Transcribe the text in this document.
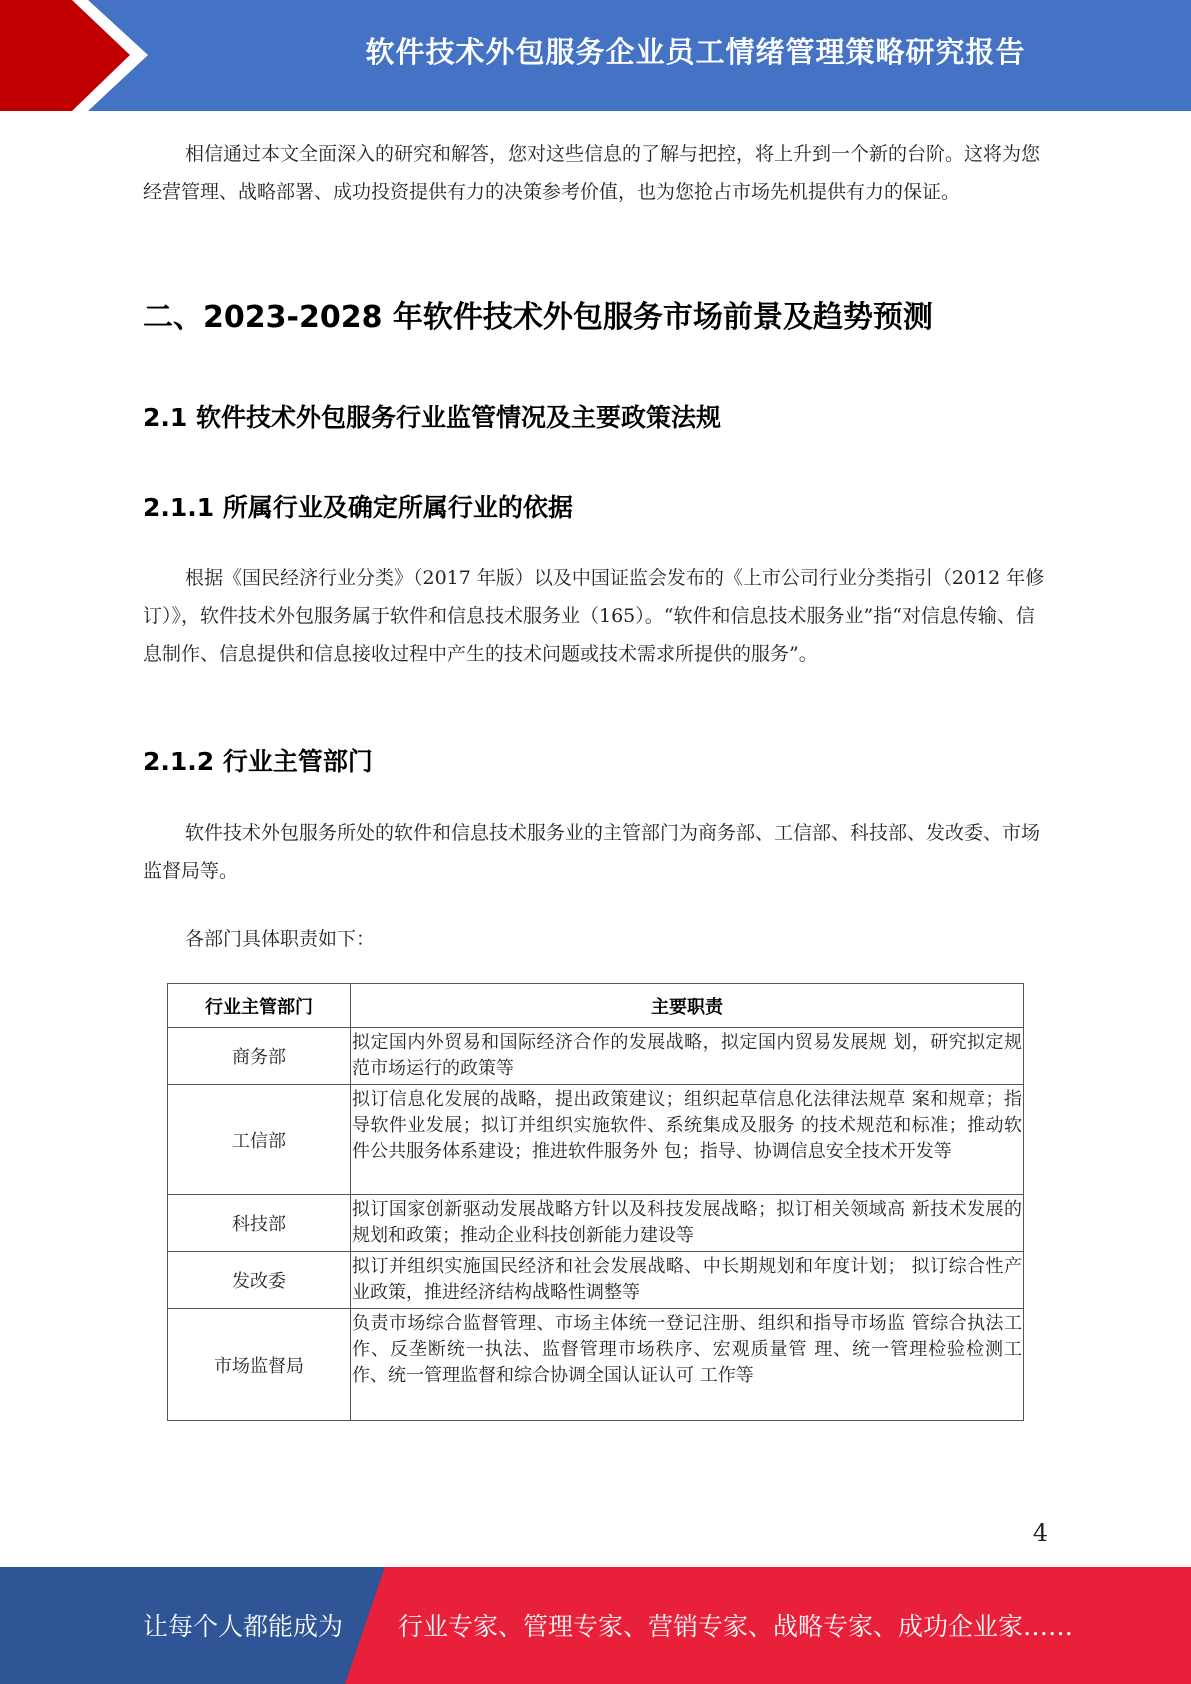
软件技术外包服务企业员工情绪管理策略研究报告

相信通过本文全面深入的研究和解答，您对这些信息的了解与把控，将上升到一个新的台阶。这将为您经营管理、战略部署、成功投资提供有力的决策参考价值，也为您抢占市场先机提供有力的保证。

二、2023-2028 年软件技术外包服务市场前景及趋势预测
2.1 软件技术外包服务行业监管情况及主要政策法规
2.1.1 所属行业及确定所属行业的依据

根据《国民经济行业分类》（2017 年版）以及中国证监会发布的《上市公司行业分类指引（2012 年修订）》，软件技术外包服务属于软件和信息技术服务业（165）。“软件和信息技术服务业”指“对信息传输、信息制作、信息提供和信息接收过程中产生的技术问题或技术需求所提供的服务”。

2.1.2 行业主管部门

软件技术外包服务所处的软件和信息技术服务业的主管部门为商务部、工信部、科技部、发改委、市场监督局等。

各部门具体职责如下：

行业主管部门	主要职责
商务部	拟定国内外贸易和国际经济合作的发展战略，拟定国内贸易发展规 划，研究拟定规范市场运行的政策等
工信部	拟订信息化发展的战略，提出政策建议；组织起草信息化法律法规草 案和规章；指导软件业发展；拟订并组织实施软件、系统集成及服务 的技术规范和标准；推动软件公共服务体系建设；推进软件服务外 包；指导、协调信息安全技术开发等
科技部	拟订国家创新驱动发展战略方针以及科技发展战略；拟订相关领域高 新技术发展的规划和政策；推动企业科技创新能力建设等
发改委	拟订并组织实施国民经济和社会发展战略、中长期规划和年度计划； 拟订综合性产业政策，推进经济结构战略性调整等
市场监督局	负责市场综合监督管理、市场主体统一登记注册、组织和指导市场监 管综合执法工作、反垄断统一执法、监督管理市场秩序、宏观质量管 理、统一管理检验检测工作、统一管理监督和综合协调全国认证认可 工作等
4
让每个人都能成为 行业专家、管理专家、营销专家、战略专家、成功企业家……
